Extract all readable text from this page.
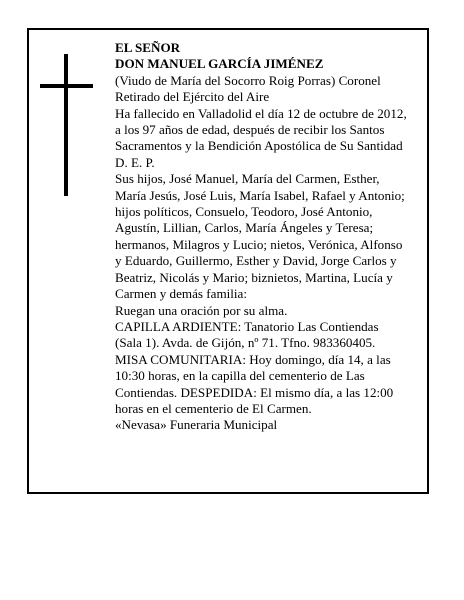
EL SEÑOR

DON MANUEL GARCÍA JIMÉNEZ

(Viudo de María del Socorro Roig Porras) Coronel

Retirado del Ejército del Aire

Ha fallecido en Valladolid el día 12 de octubre de 2012,

a los 97 años de edad, después de recibir los Santos

Sacramentos y la Bendición Apostólica de Su Santidad

D. E. P.

Sus hijos, José Manuel, María del Carmen, Esther,

María Jesús, José Luis, María Isabel, Rafael y Antonio;

hijos políticos, Consuelo, Teodoro, José Antonio,

Agustín, Lillian, Carlos, María Ángeles y Teresa;

hermanos, Milagros y Lucio; nietos, Verónica, Alfonso

y Eduardo, Guillermo, Esther y David, Jorge Carlos y

Beatriz, Nicolás y Mario; biznietos, Martina, Lucía y

Carmen y demás familia:

Ruegan una oración por su alma.

CAPILLA ARDIENTE: Tanatorio Las Contiendas

(Sala 1). Avda. de Gijón, nº 71. Tfno. 983360405.

MISA COMUNITARIA: Hoy domingo, día 14, a las

10:30 horas, en la capilla del cementerio de Las

Contiendas. DESPEDIDA: El mismo día, a las 12:00

horas en el cementerio de El Carmen.

«Nevasa» Funeraria Municipal
